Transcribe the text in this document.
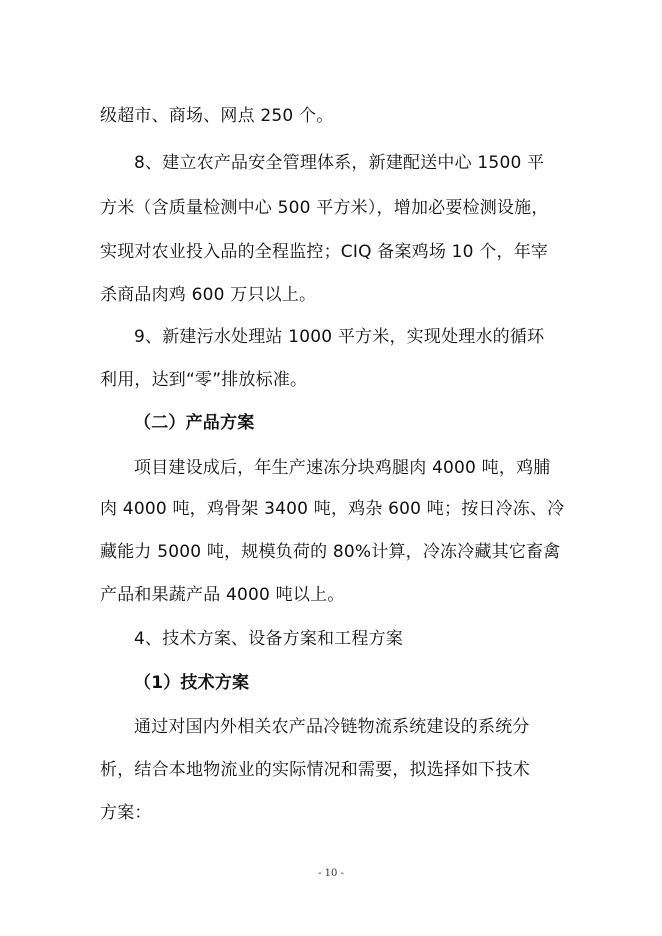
级超市、商场、网点 250 个。
8、建立农产品安全管理体系，新建配送中心 1500 平
方米（含质量检测中心 500 平方米），增加必要检测设施，
实现对农业投入品的全程监控；CIQ 备案鸡场 10 个，年宰
杀商品肉鸡 600 万只以上。
9、新建污水处理站 1000 平方米，实现处理水的循环
利用，达到“零”排放标准。
（二）产品方案
项目建设成后，年生产速冻分块鸡腿肉 4000 吨，鸡脯
肉 4000 吨，鸡骨架 3400 吨，鸡杂 600 吨；按日冷冻、冷
藏能力 5000 吨，规模负荷的 80%计算，冷冻冷藏其它畜禽
产品和果蔬产品 4000 吨以上。
4、技术方案、设备方案和工程方案
（1）技术方案
通过对国内外相关农产品冷链物流系统建设的系统分
析，结合本地物流业的实际情况和需要，拟选择如下技术
方案：
- 10 -
